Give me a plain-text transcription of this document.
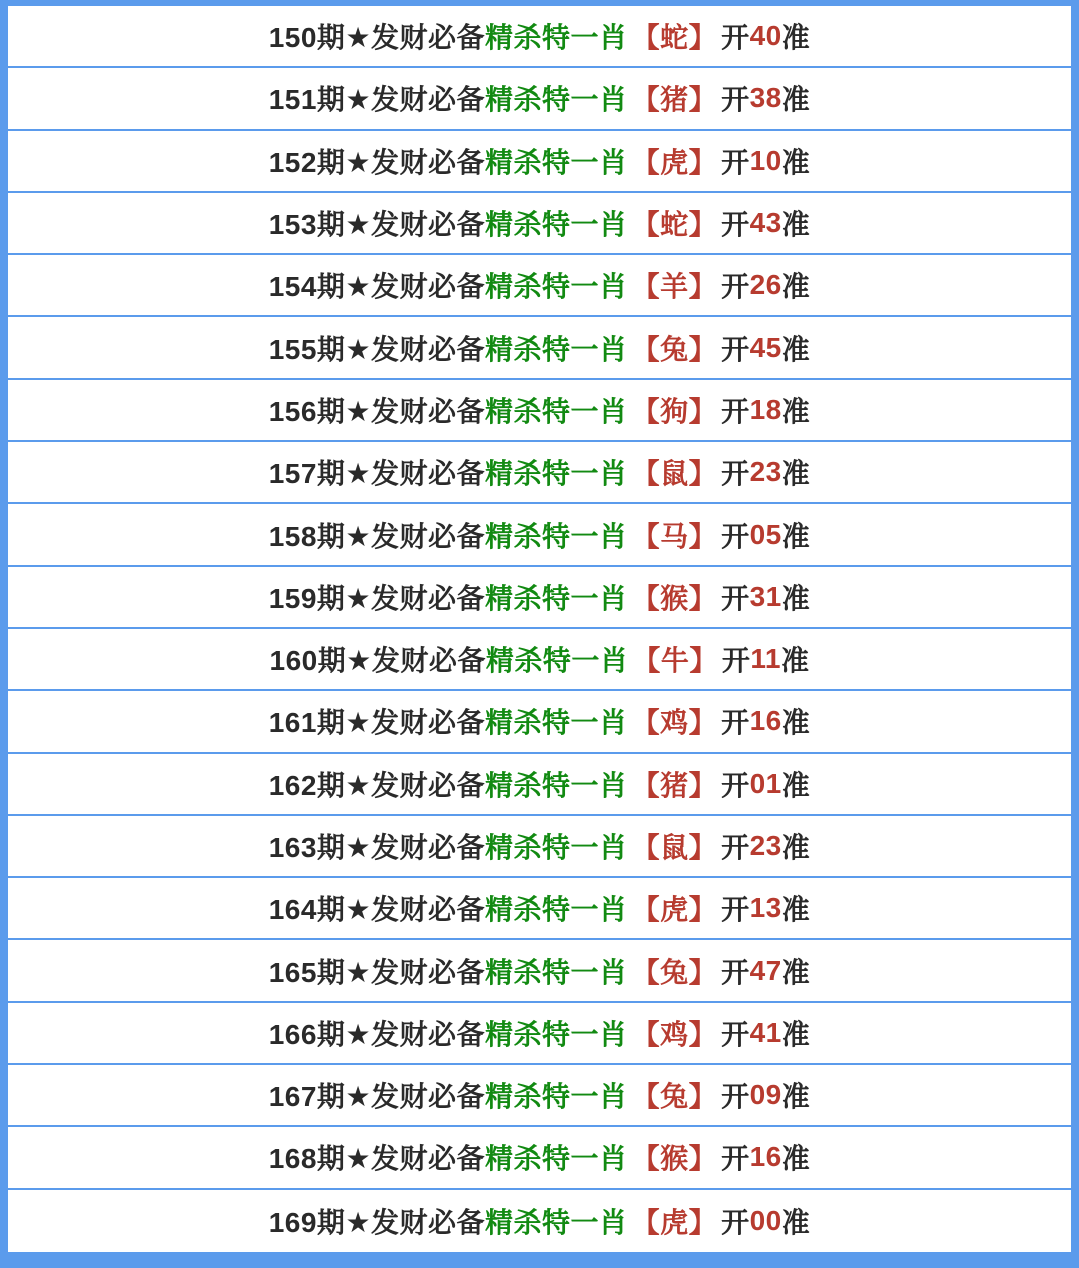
150期 ★发财必备 精杀特一肖 【蛇】 开 40 准
151期 ★发财必备 精杀特一肖 【猪】 开 38 准
152期 ★发财必备 精杀特一肖 【虎】 开 10 准
153期 ★发财必备 精杀特一肖 【蛇】 开 43 准
154期 ★发财必备 精杀特一肖 【羊】 开 26 准
155期 ★发财必备 精杀特一肖 【兔】 开 45 准
156期 ★发财必备 精杀特一肖 【狗】 开 18 准
157期 ★发财必备 精杀特一肖 【鼠】 开 23 准
158期 ★发财必备 精杀特一肖 【马】 开 05 准
159期 ★发财必备 精杀特一肖 【猴】 开 31 准
160期 ★发财必备 精杀特一肖 【牛】 开 11 准
161期 ★发财必备 精杀特一肖 【鸡】 开 16 准
162期 ★发财必备 精杀特一肖 【猪】 开 01 准
163期 ★发财必备 精杀特一肖 【鼠】 开 23 准
164期 ★发财必备 精杀特一肖 【虎】 开 13 准
165期 ★发财必备 精杀特一肖 【兔】 开 47 准
166期 ★发财必备 精杀特一肖 【鸡】 开 41 准
167期 ★发财必备 精杀特一肖 【兔】 开 09 准
168期 ★发财必备 精杀特一肖 【猴】 开 16 准
169期 ★发财必备 精杀特一肖 【虎】 开 00 准
